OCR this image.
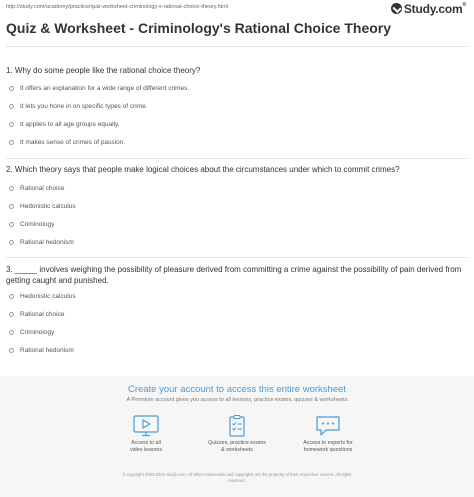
http://study.com/academy/practice/quiz-worksheet-criminology-s-rational-choice-theory.html	Study.com®
Quiz & Worksheet - Criminology's Rational Choice Theory

1. Why do some people like the rational choice theory?

It offers an explanation for a wide range of different crimes.
It lets you hone in on specific types of crime.
It applies to all age groups equally.
It makes sense of crimes of passion.

2. Which theory says that people make logical choices about the circumstances under which to commit crimes?

Rational choice
Hedonistic calculus
Criminology
Rational hedonism

3. _____ involves weighing the possibility of pleasure derived from committing a crime against the possibility of pain derived from getting caught and punished.

Hedonistic calculus
Rational choice
Criminology
Rational hedonism
Create your account to access this entire worksheet
A Premium account gives you access to all lessons, practice exams, quizzes & worksheets
Access to all
video lessons
Quizzes, practice exams
& worksheets
Access to experts for
homework questions
© copyright 2003-2020 Study.com. All other trademarks and copyrights are the property of their respective owners. All rights
reserved.
